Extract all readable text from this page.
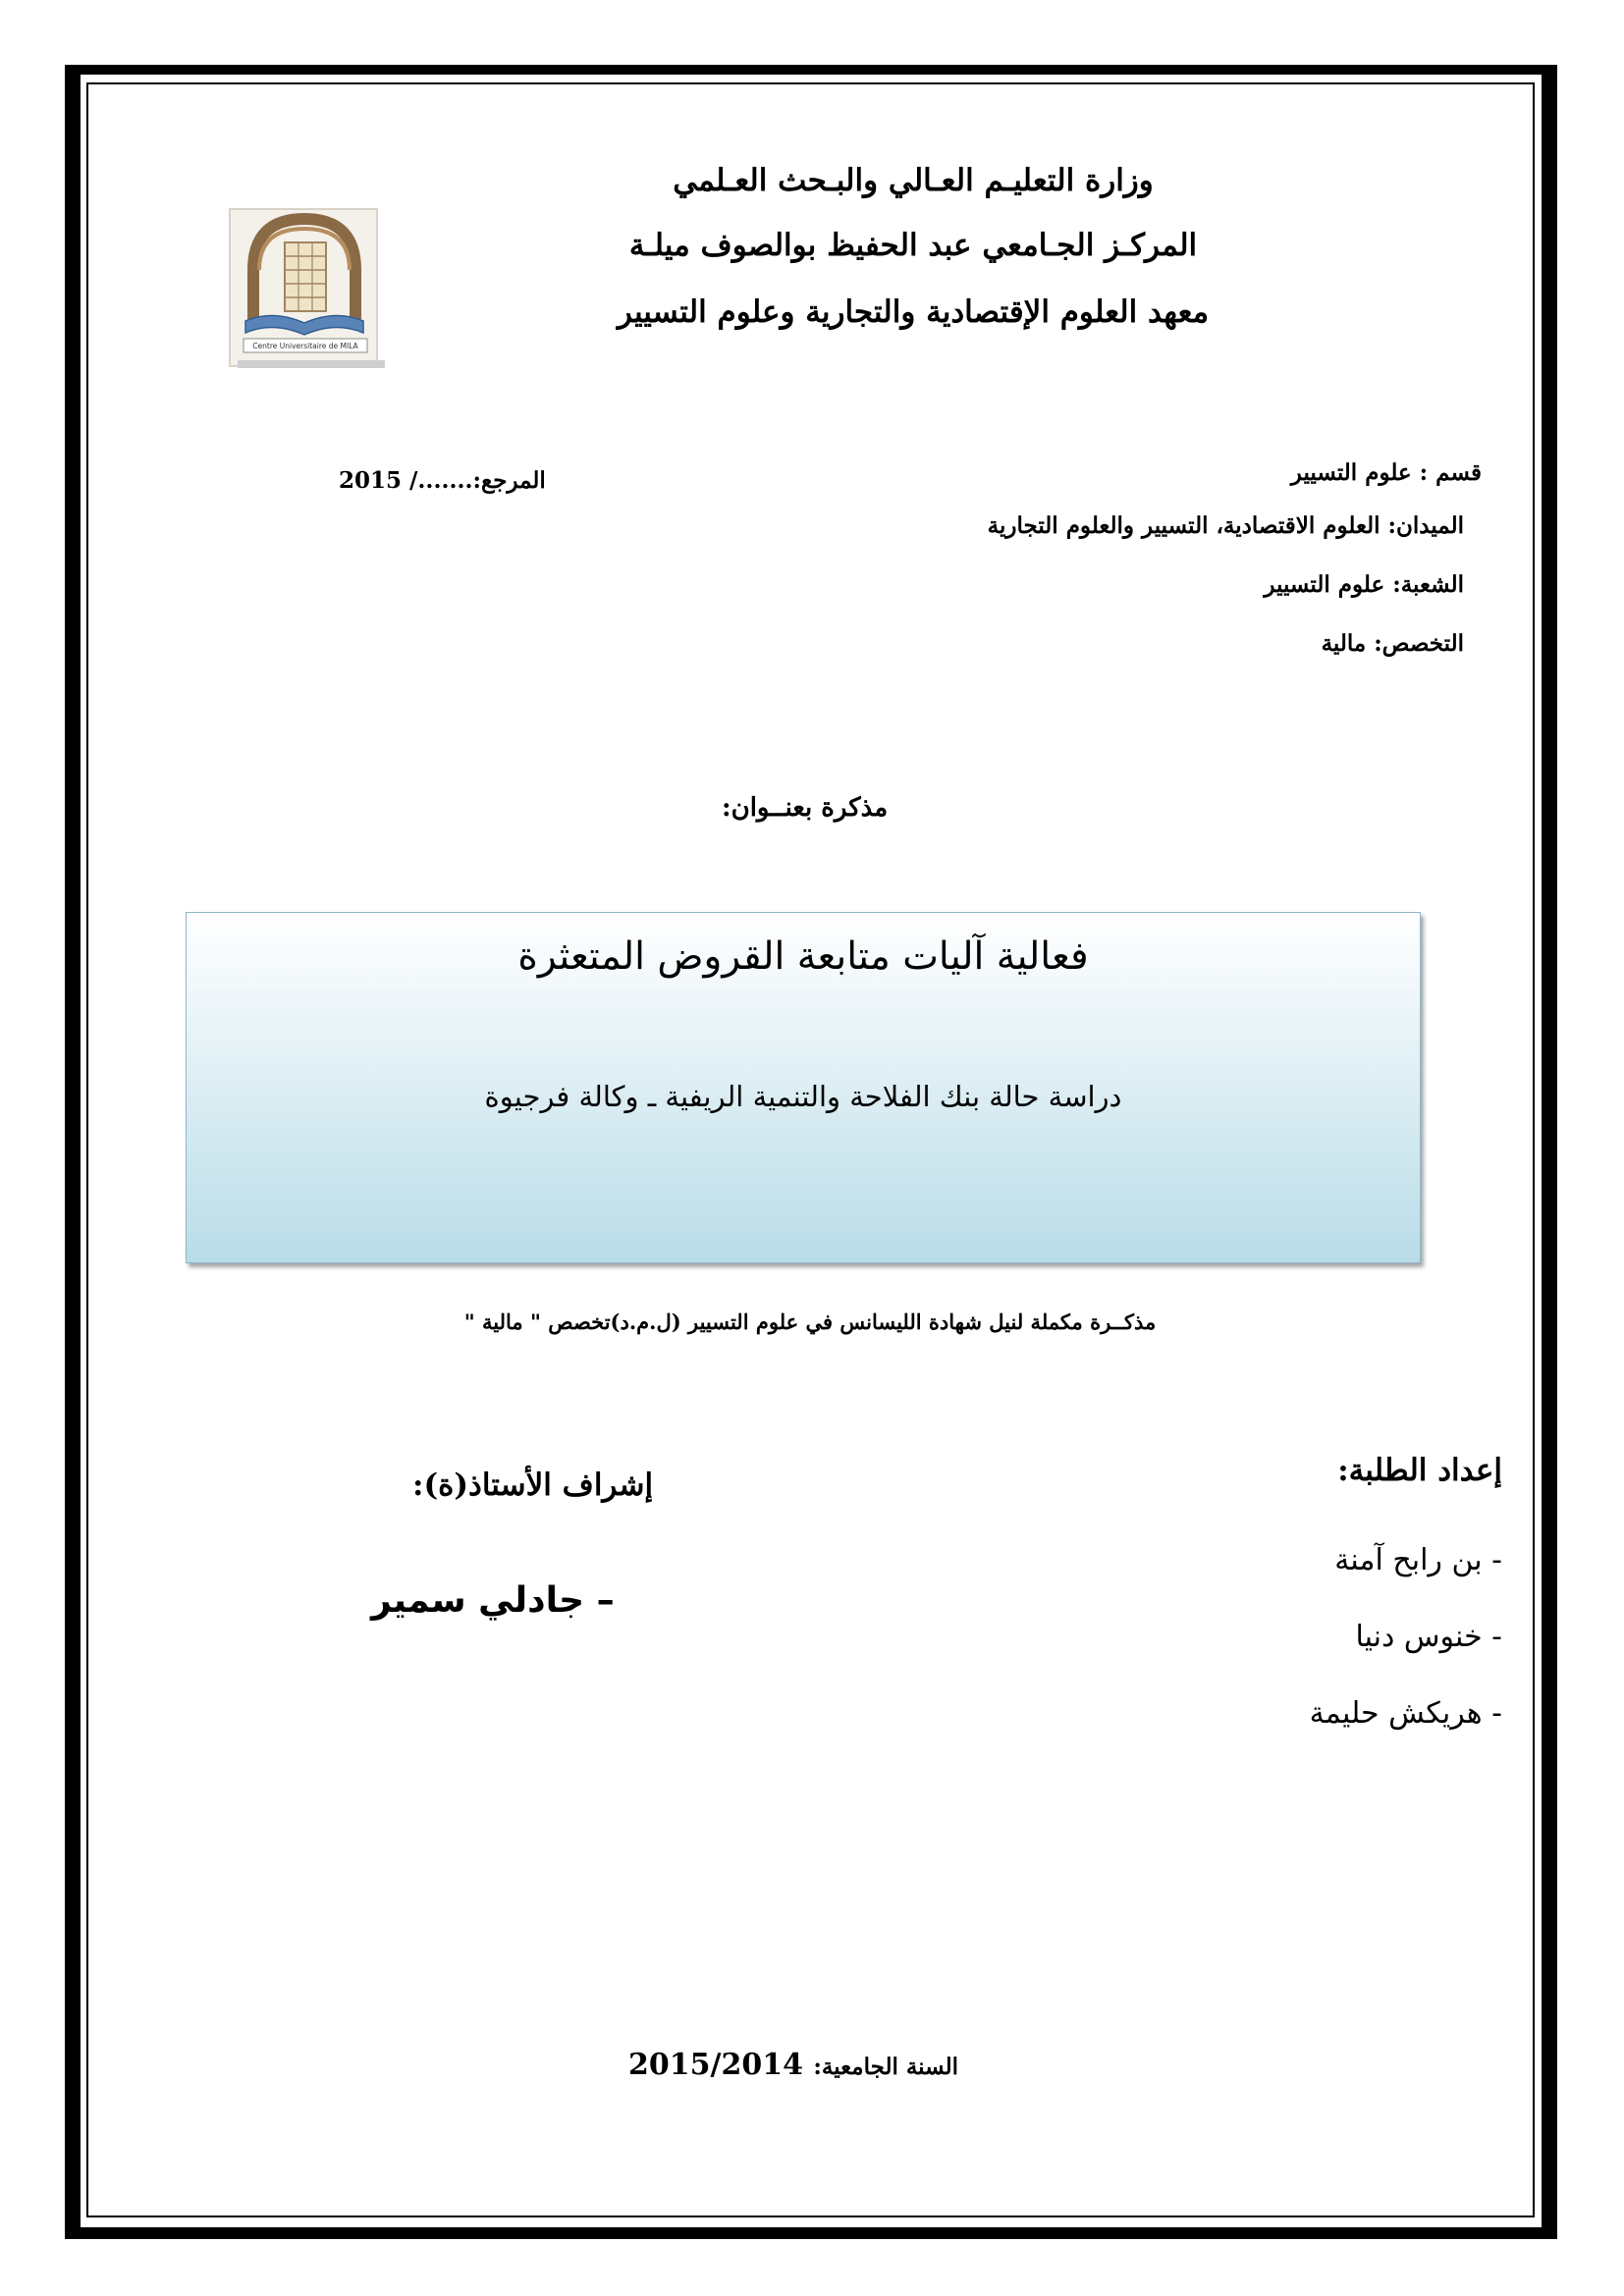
وزارة التعليـم العـالي والبـحث العـلمي
المركـز الجـامعي عبد الحفيظ بوالصوف ميلـة
معهد العلوم الإقتصادية والتجارية وعلوم التسيير
Centre Universitaire de MILA
المرجع:......./ 2015	قسم : علوم التسيير
الميدان: العلوم الاقتصادية، التسيير والعلوم التجارية
الشعبة: علوم التسيير
التخصص: مالية
مذكرة بعنــوان:
فعالية آليات متابعة القروض المتعثرة
دراسة حالة بنك الفلاحة والتنمية الريفية ـ وكالة فرجيوة
مذكــرة مكملة لنيل شهادة الليسانس في علوم التسيير (ل.م.د)تخصص " مالية "
إعداد الطلبة:
- بن رابح آمنة
- خنوس دنيا
- هريكش حليمة
إشراف الأستاذ(ة):
– جادلي سمير
السنة الجامعية: 2015/2014
